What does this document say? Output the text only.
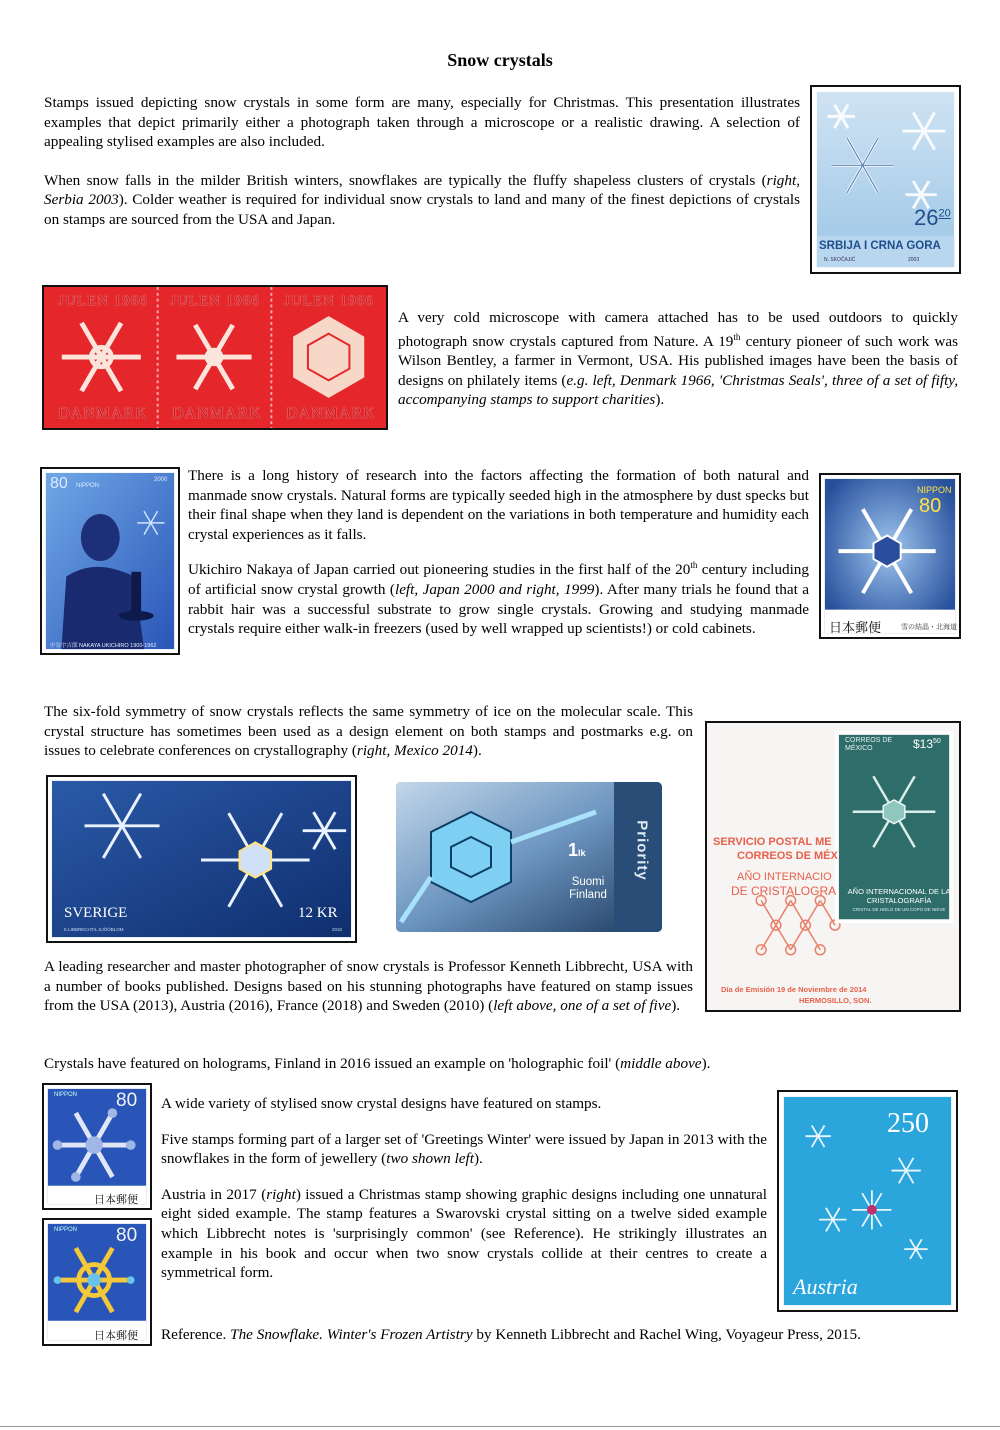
Snow crystals

Stamps issued depicting snow crystals in some form are many, especially for Christmas. This presentation illustrates examples that depict primarily either a photograph taken through a microscope or a realistic drawing. A selection of appealing stylised examples are also included.

When snow falls in the milder British winters, snowflakes are typically the fluffy shapeless clusters of crystals (right, Serbia 2003). Colder weather is required for individual snow crystals to land and many of the finest depictions of crystals on stamps are sourced from the USA and Japan.	$26^{20}$
SRBIJA I CRNA GORA
N. SKOČAJIĆ	2003
JULEN 1966 JULEN 1966 JULEN 1966
DANMARK DANMARK DANMARK

A very cold microscope with camera attached has to be used outdoors to quickly photograph snow crystals captured from Nature. A 19th century pioneer of such work was Wilson Bentley, a farmer in Vermont, USA. His published images have been the basis of designs on philately items (e.g. left, Denmark 1966, 'Christmas Seals', three of a set of fifty, accompanying stamps to support charities).

80 NIPPON
2000
中谷宇吉郎 NAKAYA UKICHIRO 1900-1962

There is a long history of research into the factors affecting the formation of both natural and manmade snow crystals. Natural forms are typically seeded high in the atmosphere by dust specks but their final shape when they land is dependent on the variations in both temperature and humidity each crystal experiences as it falls.

Ukichiro Nakaya of Japan carried out pioneering studies in the first half of the 20th century including of artificial snow crystal growth (left, Japan 2000 and right, 1999). After many trials he found that a rabbit hair was a successful substrate to grow single crystals. Growing and studying manmade crystals require either walk-in freezers (used by well wrapped up scientists!) or cold cabinets.

NIPPON
80
日本郵便	雪の結晶・北海道

The six-fold symmetry of snow crystals reflects the same symmetry of ice on the molecular scale. This crystal structure has sometimes been used as a design element on both stamps and postmarks e.g. on issues to celebrate conferences on crystallography (right, Mexico 2014).

SVERIGE	12 KR
K.LIBBRECHT/L.SJÖÖBLOM	2010
1lk
Suomi Finland
Priority
CORREOS DE MÉXICO	$\$13^{50}$
AÑO INTERNACIONAL DE LA CRISTALOGRAFÍA
CRISTAL DE HIELO DE UN COPO DE NIEVE
SERVICIO POSTAL ME
CORREOS DE MÉX
AÑO INTERNACIO
DE CRISTALOGRA
Día de Emisión 19 de Noviembre de 2014
HERMOSILLO, SON.

A leading researcher and master photographer of snow crystals is Professor Kenneth Libbrecht, USA with a number of books published. Designs based on his stunning photographs have featured on stamp issues from the USA (2013), Austria (2016), France (2018) and Sweden (2010) (left above, one of a set of five).

Crystals have featured on holograms, Finland in 2016 issued an example on 'holographic foil' (middle above).

NIPPON 80
日本郵便
NIPPON 80
日本郵便

A wide variety of stylised snow crystal designs have featured on stamps.

Five stamps forming part of a larger set of 'Greetings Winter' were issued by Japan in 2013 with the snowflakes in the form of jewellery (two shown left).

Austria in 2017 (right) issued a Christmas stamp showing graphic designs including one unnatural eight sided example. The stamp features a Swarovski crystal sitting on a twelve sided example which Libbrecht notes is 'surprisingly common' (see Reference). He strikingly illustrates an example in his book and occur when two snow crystals collide at their centres to create a symmetrical form.

250
Austria

Reference. The Snowflake. Winter's Frozen Artistry by Kenneth Libbrecht and Rachel Wing, Voyageur Press, 2015.
